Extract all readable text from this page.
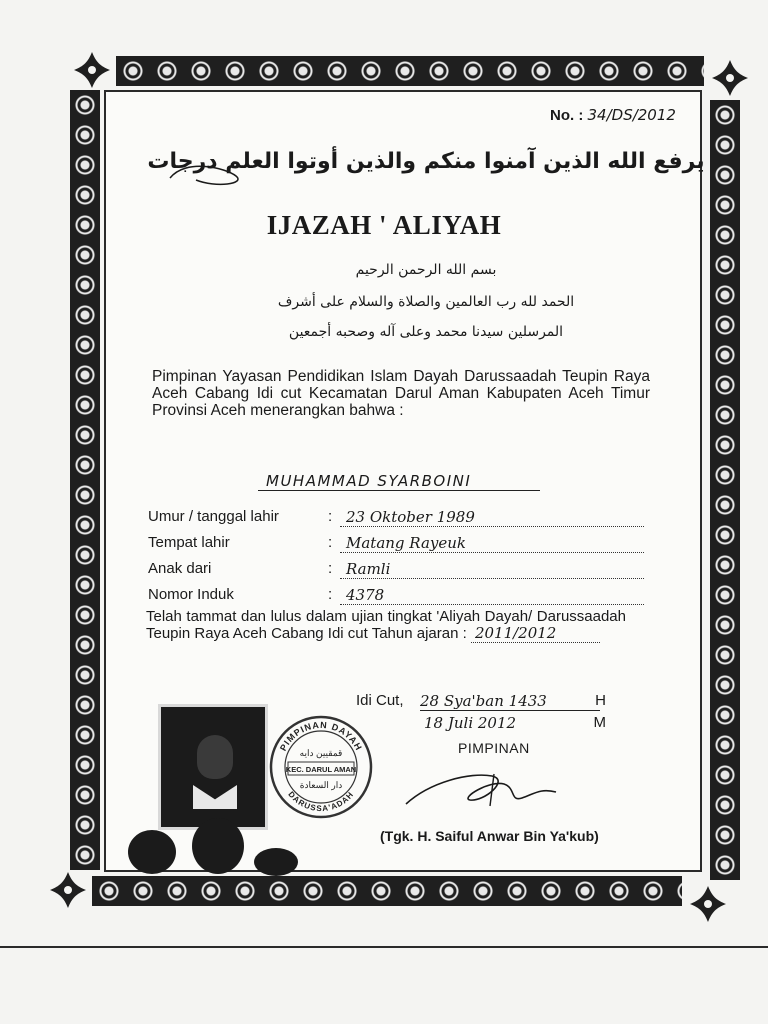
No. : 34/DS/2012
يرفع الله الذين آمنوا منكم والذين أوتوا العلم درجات
IJAZAH ' ALIYAH
بسم الله الرحمن الرحيم
الحمد لله رب العالمين والصلاة والسلام على أشرف
المرسلين سيدنا محمد وعلى آله وصحبه أجمعين
Pimpinan Yayasan Pendidikan Islam Dayah Darussaadah Teupin Raya Aceh Cabang Idi cut Kecamatan Darul Aman Kabupaten Aceh Timur Provinsi Aceh menerangkan bahwa :
MUHAMMAD SYARBOINI
Umur / tanggal lahir	: 23 Oktober 1989
Tempat lahir	: Matang Rayeuk
Anak dari	: Ramli
Nomor Induk	: 4378
Telah tammat dan lulus dalam ujian tingkat 'Aliyah Dayah/ Darussaadah Teupin Raya Aceh Cabang Idi cut Tahun ajaran : 2011/2012
Idi Cut, 28 Sya'ban 1433	H
18 Juli 2012	M
PIMPINAN
(Tgk. H. Saiful Anwar Bin Ya'kub)
PIMPINAN DAYAH
قمقيين دايه
KEC. DARUL AMAN
دار السعادة
DARUSSA'ADAH
